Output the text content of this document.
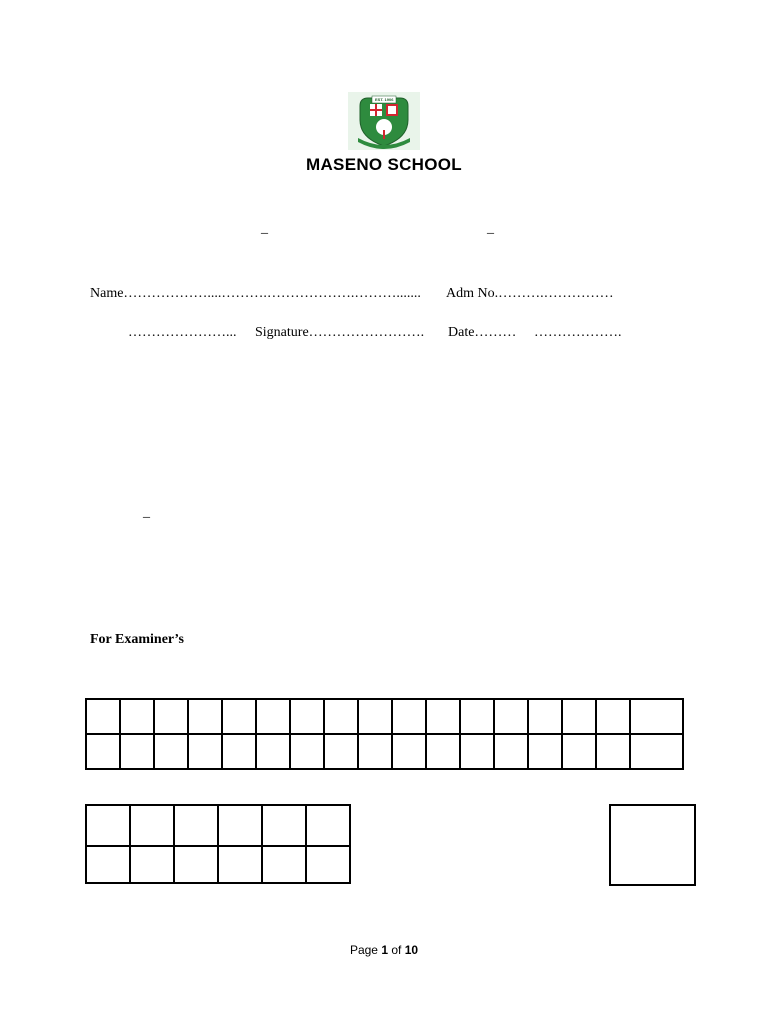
EST. 1906
MASENO SCHOOL
_	_
Name………………....……….……………….………....... Adm No.……….……………
…………………... Signature……………………. Date……… ……………….
_
For Examiner’s

Page 1 of 10
